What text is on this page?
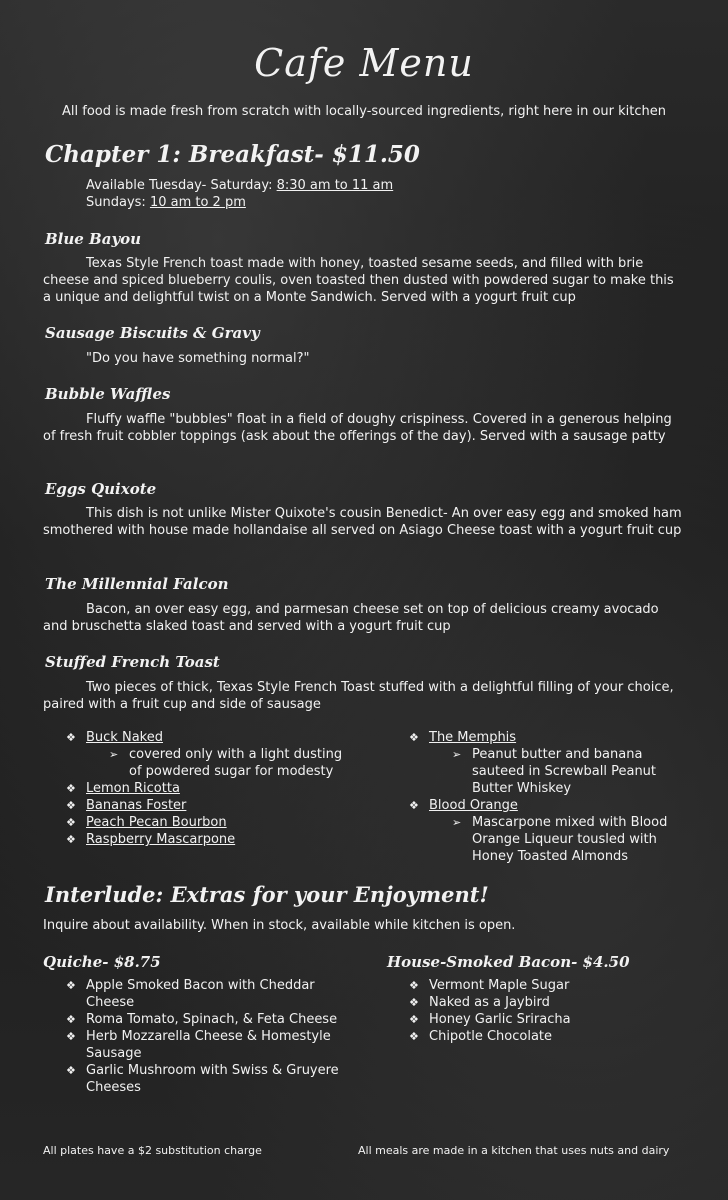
Cafe Menu
All food is made fresh from scratch with locally-sourced ingredients, right here in our kitchen
Chapter 1: Breakfast- $11.50
Available Tuesday- Saturday: 8:30 am to 11 am
Sundays: 10 am to 2 pm
Blue Bayou
Texas Style French toast made with honey, toasted sesame seeds, and filled with brie cheese and spiced blueberry coulis, oven toasted then dusted with powdered sugar to make this a unique and delightful twist on a Monte Sandwich. Served with a yogurt fruit cup
Sausage Biscuits & Gravy
"Do you have something normal?"
Bubble Waffles
Fluffy waffle "bubbles" float in a field of doughy crispiness. Covered in a generous helping of fresh fruit cobbler toppings (ask about the offerings of the day). Served with a sausage patty
Eggs Quixote
This dish is not unlike Mister Quixote's cousin Benedict- An over easy egg and smoked ham smothered with house made hollandaise all served on Asiago Cheese toast with a yogurt fruit cup
The Millennial Falcon
Bacon, an over easy egg, and parmesan cheese set on top of delicious creamy avocado and bruschetta slaked toast and served with a yogurt fruit cup
Stuffed French Toast
Two pieces of thick, Texas Style French Toast stuffed with a delightful filling of your choice, paired with a fruit cup and side of sausage
❖ Buck Naked
➢ covered only with a light dusting of powdered sugar for modesty
❖ Lemon Ricotta
❖ Bananas Foster
❖ Peach Pecan Bourbon
❖ Raspberry Mascarpone
❖ The Memphis
➢ Peanut butter and banana sauteed in Screwball Peanut Butter Whiskey
❖ Blood Orange
➢ Mascarpone mixed with Blood Orange Liqueur tousled with Honey Toasted Almonds
Interlude: Extras for your Enjoyment!
Inquire about availability. When in stock, available while kitchen is open.
Quiche- $8.75
❖ Apple Smoked Bacon with Cheddar Cheese
❖ Roma Tomato, Spinach, & Feta Cheese
❖ Herb Mozzarella Cheese & Homestyle Sausage
❖ Garlic Mushroom with Swiss & Gruyere Cheeses
House-Smoked Bacon- $4.50
❖ Vermont Maple Sugar
❖ Naked as a Jaybird
❖ Honey Garlic Sriracha
❖ Chipotle Chocolate
All plates have a $2 substitution charge	All meals are made in a kitchen that uses nuts and dairy
